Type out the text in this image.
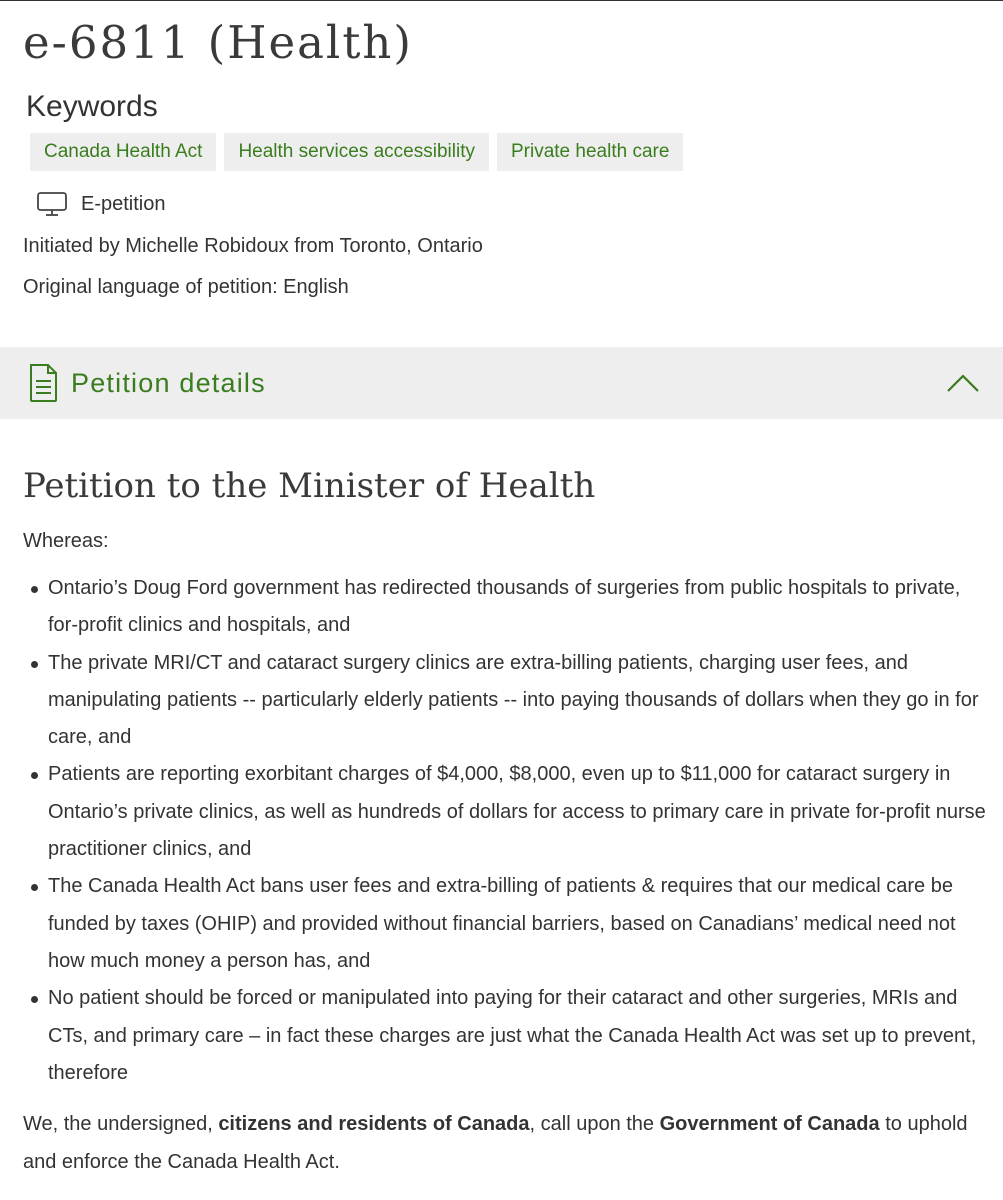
e-6811 (Health)
Keywords
Canada Health Act	Health services accessibility	Private health care
E-petition
Initiated by Michelle Robidoux from Toronto, Ontario
Original language of petition: English
Petition details
Petition to the Minister of Health
Whereas:
Ontario’s Doug Ford government has redirected thousands of surgeries from public hospitals to private, for-profit clinics and hospitals, and
The private MRI/CT and cataract surgery clinics are extra-billing patients, charging user fees, and manipulating patients -- particularly elderly patients -- into paying thousands of dollars when they go in for care, and
Patients are reporting exorbitant charges of $4,000, $8,000, even up to $11,000 for cataract surgery in Ontario’s private clinics, as well as hundreds of dollars for access to primary care in private for-profit nurse practitioner clinics, and
The Canada Health Act bans user fees and extra-billing of patients & requires that our medical care be funded by taxes (OHIP) and provided without financial barriers, based on Canadians’ medical need not how much money a person has, and
No patient should be forced or manipulated into paying for their cataract and other surgeries, MRIs and CTs, and primary care – in fact these charges are just what the Canada Health Act was set up to prevent, therefore

We, the undersigned, citizens and residents of Canada, call upon the Government of Canada to uphold and enforce the Canada Health Act.
